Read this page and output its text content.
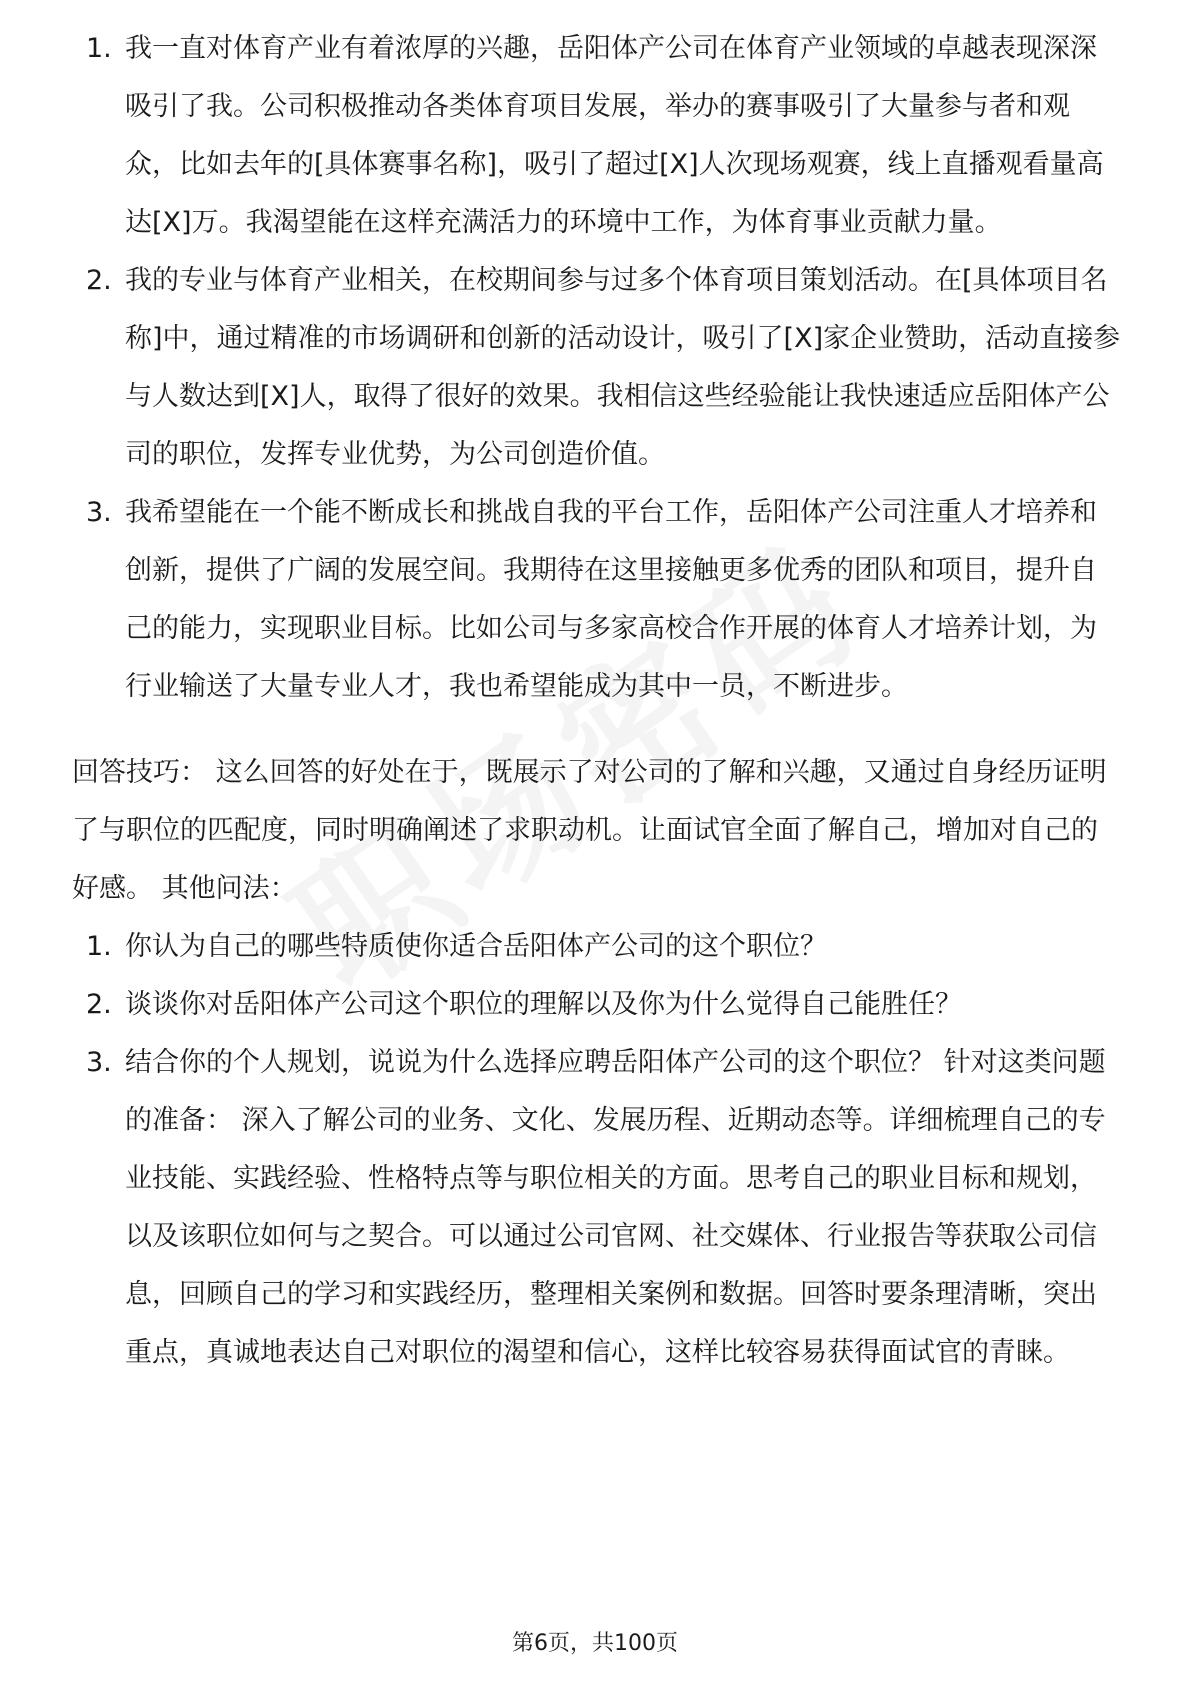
1. 我一直对体育产业有着浓厚的兴趣，岳阳体产公司在体育产业领域的卓越表现深深吸引了我。公司积极推动各类体育项目发展，举办的赛事吸引了大量参与者和观众，比如去年的[具体赛事名称]，吸引了超过[X]人次现场观赛，线上直播观看量高达[X]万。我渴望能在这样充满活力的环境中工作，为体育事业贡献力量。
2. 我的专业与体育产业相关，在校期间参与过多个体育项目策划活动。在[具体项目名称]中，通过精准的市场调研和创新的活动设计，吸引了[X]家企业赞助，活动直接参与人数达到[X]人，取得了很好的效果。我相信这些经验能让我快速适应岳阳体产公司的职位，发挥专业优势，为公司创造价值。
3. 我希望能在一个能不断成长和挑战自我的平台工作，岳阳体产公司注重人才培养和创新，提供了广阔的发展空间。我期待在这里接触更多优秀的团队和项目，提升自己的能力，实现职业目标。比如公司与多家高校合作开展的体育人才培养计划，为行业输送了大量专业人才，我也希望能成为其中一员，不断进步。

回答技巧： 这么回答的好处在于，既展示了对公司的了解和兴趣，又通过自身经历证明了与职位的匹配度，同时明确阐述了求职动机。让面试官全面了解自己，增加对自己的好感。 其他问法：

1. 你认为自己的哪些特质使你适合岳阳体产公司的这个职位？
2. 谈谈你对岳阳体产公司这个职位的理解以及你为什么觉得自己能胜任？
3. 结合你的个人规划，说说为什么选择应聘岳阳体产公司的这个职位？ 针对这类问题的准备： 深入了解公司的业务、文化、发展历程、近期动态等。详细梳理自己的专业技能、实践经验、性格特点等与职位相关的方面。思考自己的职业目标和规划，以及该职位如何与之契合。可以通过公司官网、社交媒体、行业报告等获取公司信息，回顾自己的学习和实践经历，整理相关案例和数据。回答时要条理清晰，突出重点，真诚地表达自己对职位的渴望和信心，这样比较容易获得面试官的青睐。
第6页，共100页
